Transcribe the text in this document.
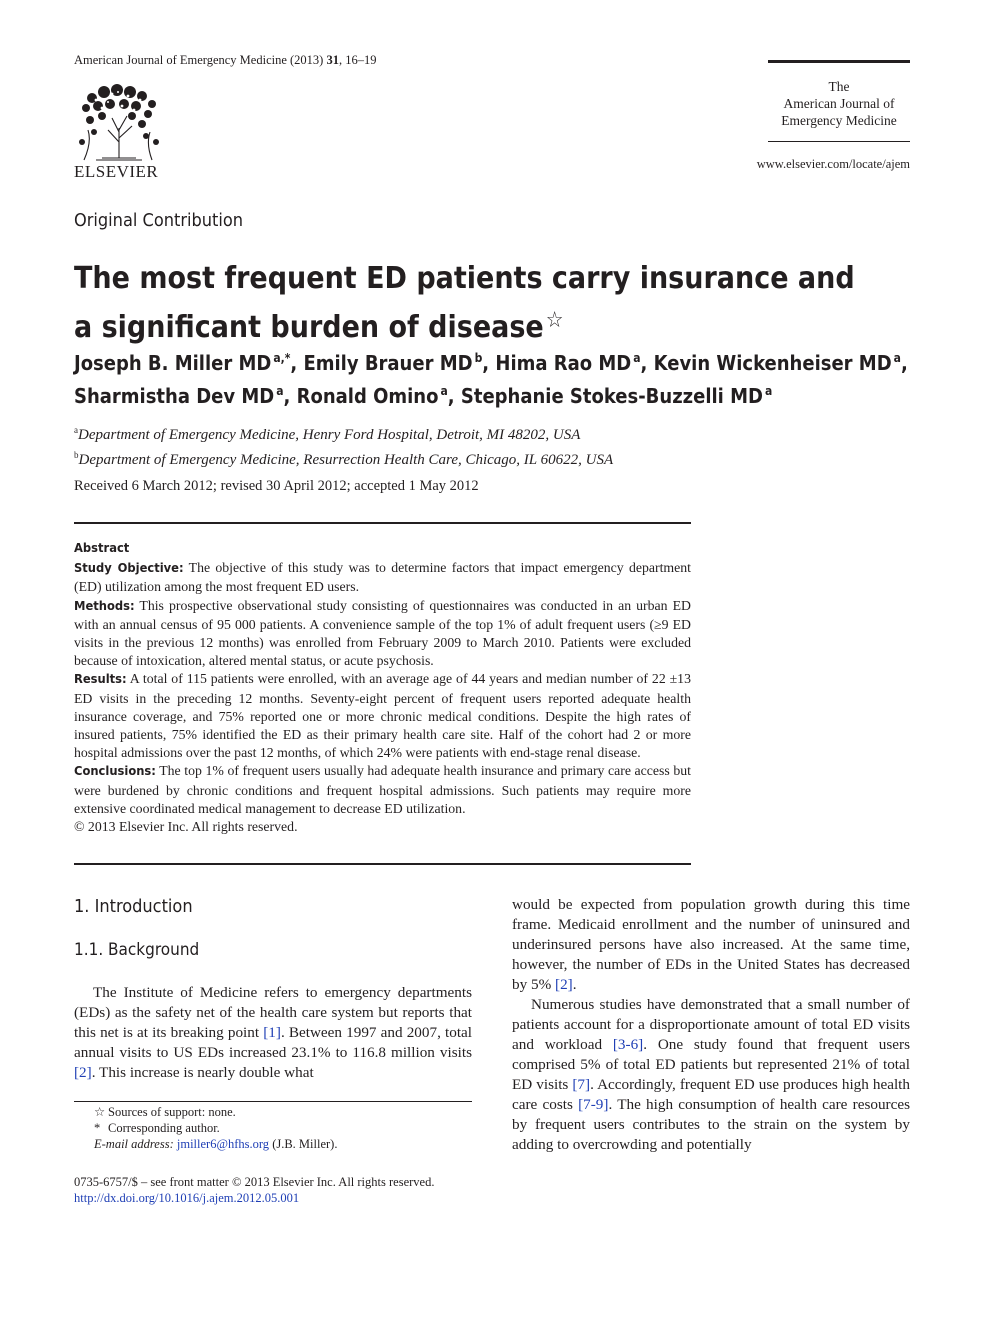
American Journal of Emergency Medicine (2013) 31, 16–19
ELSEVIER
The
American Journal of
Emergency Medicine
www.elsevier.com/locate/ajem
Original Contribution
The most frequent ED patients carry insurance and a significant burden of disease☆
Joseph B. Miller MD $^{a,*}$, Emily Brauer MD $^b$, Hima Rao MD $^a$, Kevin Wickenheiser MD $^a$,
Sharmistha Dev MD $^a$, Ronald Omino $^a$, Stephanie Stokes-Buzzelli MD $^a$
$^a$Department of Emergency Medicine, Henry Ford Hospital, Detroit, MI 48202, USA
$^b$Department of Emergency Medicine, Resurrection Health Care, Chicago, IL 60622, USA
Received 6 March 2012; revised 30 April 2012; accepted 1 May 2012

Abstract

Study Objective: The objective of this study was to determine factors that impact emergency department (ED) utilization among the most frequent ED users.

Methods: This prospective observational study consisting of questionnaires was conducted in an urban ED with an annual census of 95 000 patients. A convenience sample of the top 1% of adult frequent users (≥9 ED visits in the previous 12 months) was enrolled from February 2009 to March 2010. Patients were excluded because of intoxication, altered mental status, or acute psychosis.

Results: A total of 115 patients were enrolled, with an average age of 44 years and median number of 22 ±13 ED visits in the preceding 12 months. Seventy-eight percent of frequent users reported adequate health insurance coverage, and 75% reported one or more chronic medical conditions. Despite the high rates of insured patients, 75% identified the ED as their primary health care site. Half of the cohort had 2 or more hospital admissions over the past 12 months, of which 24% were patients with end-stage renal disease.

Conclusions: The top 1% of frequent users usually had adequate health insurance and primary care access but were burdened by chronic conditions and frequent hospital admissions. Such patients may require more extensive coordinated medical management to decrease ED utilization.

© 2013 Elsevier Inc. All rights reserved.

1. Introduction
1.1. Background

The Institute of Medicine refers to emergency departments (EDs) as the safety net of the health care system but reports that this net is at its breaking point [1]. Between 1997 and 2007, total annual visits to US EDs increased 23.1% to 116.8 million visits [2]. This increase is nearly double what

would be expected from population growth during this time frame. Medicaid enrollment and the number of uninsured and underinsured persons have also increased. At the same time, however, the number of EDs in the United States has decreased by 5% [2].

Numerous studies have demonstrated that a small number of patients account for a disproportionate amount of total ED visits and workload [3-6]. One study found that frequent users comprised 5% of total ED patients but represented 21% of total ED visits [7]. Accordingly, frequent ED use produces high health care costs [7-9]. The high consumption of health care resources by frequent users contributes to the strain on the system by adding to overcrowding and potentially

☆ Sources of support: none.
* Corresponding author.
E-mail address: jmiller6@hfhs.org (J.B. Miller).
0735-6757/$ – see front matter © 2013 Elsevier Inc. All rights reserved.
http://dx.doi.org/10.1016/j.ajem.2012.05.001
